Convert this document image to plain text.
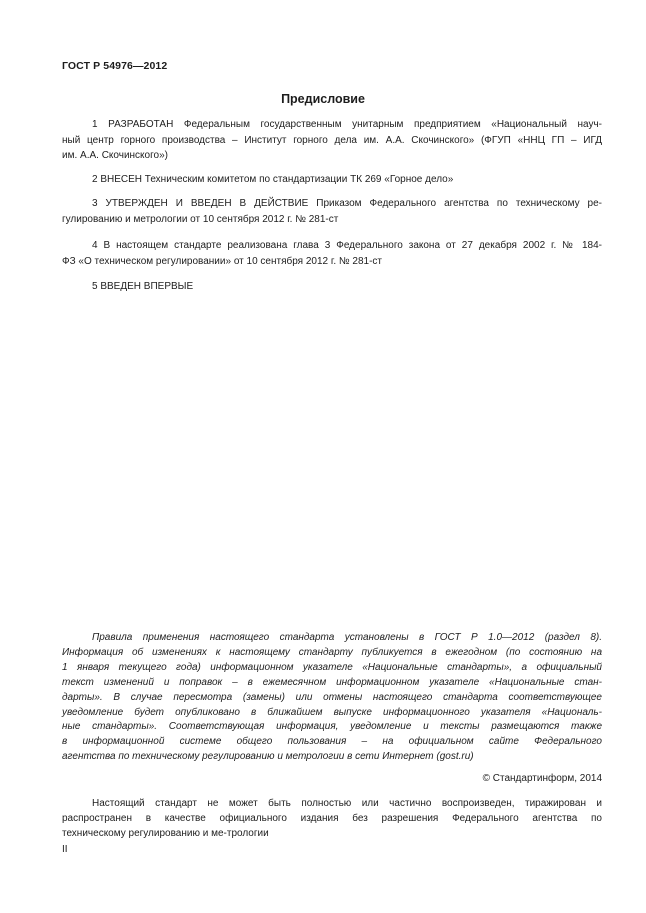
ГОСТ Р 54976—2012
Предисловие
1 РАЗРАБОТАН Федеральным государственным унитарным предприятием «Национальный науч-
ный центр горного производства – Институт горного дела им. А.А. Скочинского» (ФГУП «ННЦ ГП – ИГД
им. А.А. Скочинского»)
2 ВНЕСЕН Техническим комитетом по стандартизации ТК 269 «Горное дело»
3 УТВЕРЖДЕН И ВВЕДЕН В ДЕЙСТВИЕ Приказом Федерального агентства по техническому ре-
гулированию и метрологии от 10 сентября 2012 г. № 281-ст
4 В настоящем стандарте реализована глава 3 Федерального закона от 27 декабря 2002 г. № 184-
ФЗ «О техническом регулировании» от 10 сентября 2012 г. № 281-ст
5 ВВЕДЕН ВПЕРВЫЕ
Правила применения настоящего стандарта установлены в ГОСТ Р 1.0—2012 (раздел 8).
Информация об изменениях к настоящему стандарту публикуется в ежегодном (по состоянию на
1 января текущего года) информационном указателе «Национальные стандарты», а официальный
текст изменений и поправок – в ежемесячном информационном указателе «Национальные стан-
дарты». В случае пересмотра (замены) или отмены настоящего стандарта соответствующее
уведомление будет опубликовано в ближайшем выпуске информационного указателя «Националь-
ные стандарты». Соответствующая информация, уведомление и тексты размещаются также
в информационной системе общего пользования – на официальном сайте Федерального
агентства по техническому регулированию и метрологии в сети Интернет (gost.ru)
© Стандартинформ, 2014
Настоящий стандарт не может быть полностью или частично воспроизведен, тиражирован и
распространен в качестве официального издания без разрешения Федерального агентства по
техническому регулированию и ме-трологии
II
